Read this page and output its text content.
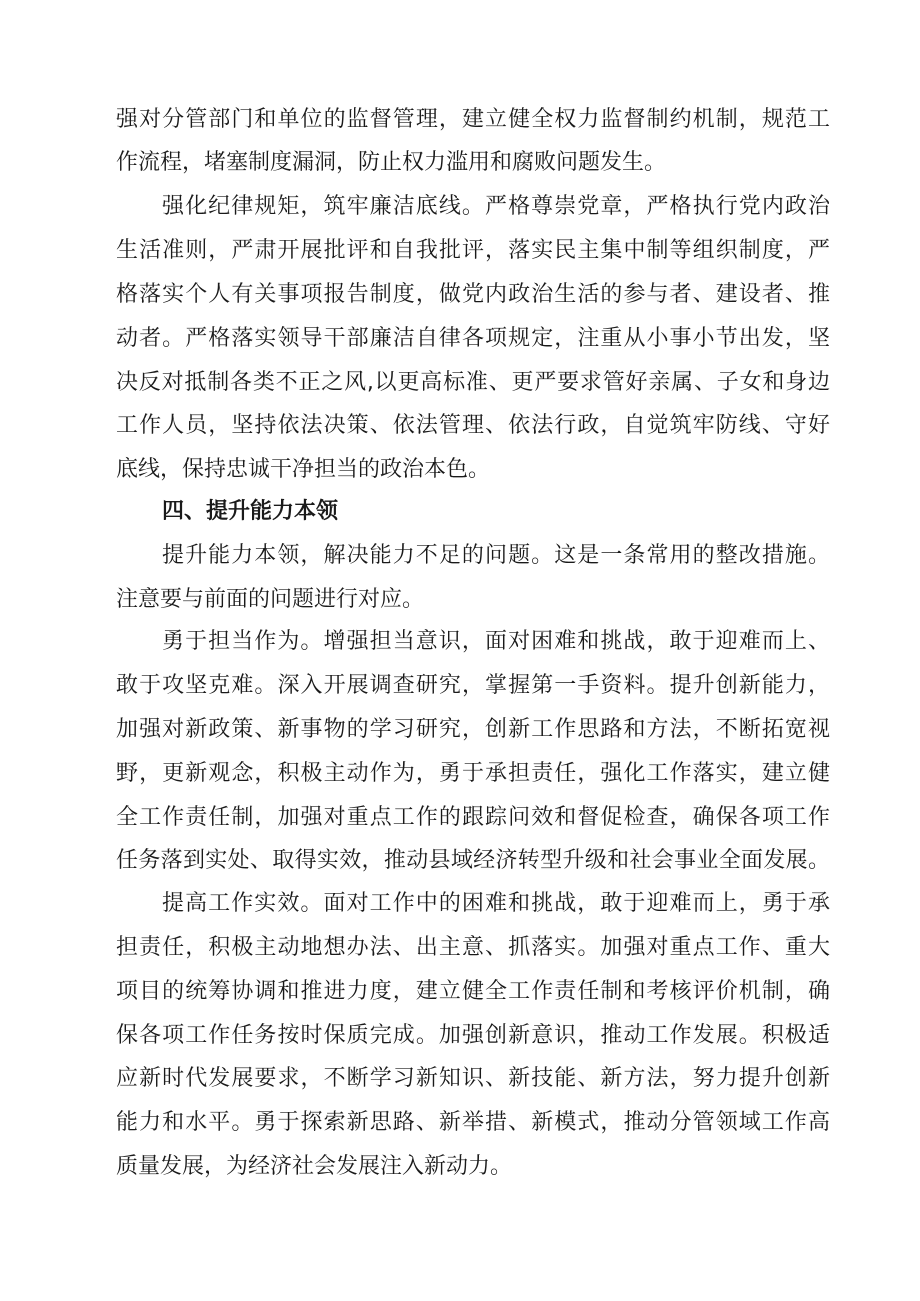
强对分管部门和单位的监督管理，建立健全权力监督制约机制，规范工
作流程，堵塞制度漏洞，防止权力滥用和腐败问题发生。
强化纪律规矩，筑牢廉洁底线。严格尊崇党章，严格执行党内政治
生活准则，严肃开展批评和自我批评，落实民主集中制等组织制度，严
格落实个人有关事项报告制度，做党内政治生活的参与者、建设者、推
动者。严格落实领导干部廉洁自律各项规定，注重从小事小节出发，坚
决反对抵制各类不正之风,以更高标准、更严要求管好亲属、子女和身边
工作人员，坚持依法决策、依法管理、依法行政，自觉筑牢防线、守好
底线，保持忠诚干净担当的政治本色。
四、提升能力本领
提升能力本领，解决能力不足的问题。这是一条常用的整改措施。
注意要与前面的问题进行对应。
勇于担当作为。增强担当意识，面对困难和挑战，敢于迎难而上、
敢于攻坚克难。深入开展调查研究，掌握第一手资料。提升创新能力，
加强对新政策、新事物的学习研究，创新工作思路和方法，不断拓宽视
野，更新观念，积极主动作为，勇于承担责任，强化工作落实，建立健
全工作责任制，加强对重点工作的跟踪问效和督促检查，确保各项工作
任务落到实处、取得实效，推动县域经济转型升级和社会事业全面发展。
提高工作实效。面对工作中的困难和挑战，敢于迎难而上，勇于承
担责任，积极主动地想办法、出主意、抓落实。加强对重点工作、重大
项目的统筹协调和推进力度，建立健全工作责任制和考核评价机制，确
保各项工作任务按时保质完成。加强创新意识，推动工作发展。积极适
应新时代发展要求，不断学习新知识、新技能、新方法，努力提升创新
能力和水平。勇于探索新思路、新举措、新模式，推动分管领域工作高
质量发展，为经济社会发展注入新动力。
